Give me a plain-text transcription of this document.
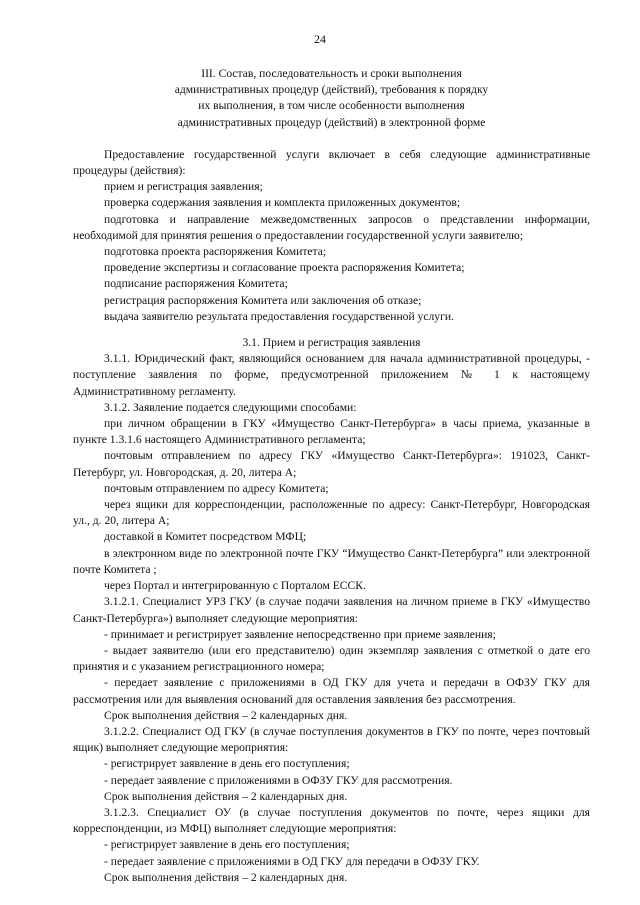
24
III. Состав, последовательность и сроки выполнения
административных процедур (действий), требования к порядку
их выполнения, в том числе особенности выполнения
административных процедур (действий) в электронной форме

Предоставление государственной услуги включает в себя следующие административные процедуры (действия):

прием и регистрация заявления;

проверка содержания заявления и комплекта приложенных документов;

подготовка и направление межведомственных запросов о представлении информации, необходимой для принятия решения о предоставлении государственной услуги заявителю;

подготовка проекта распоряжения Комитета;

проведение экспертизы и согласование проекта распоряжения Комитета;

подписание распоряжения Комитета;

регистрация распоряжения Комитета или заключения об отказе;

выдача заявителю результата предоставления государственной услуги.

3.1. Прием и регистрация заявления

3.1.1. Юридический факт, являющийся основанием для начала административной процедуры, - поступление заявления по форме, предусмотренной приложением № 1 к настоящему Административному регламенту.

3.1.2. Заявление подается следующими способами:

при личном обращении в ГКУ «Имущество Санкт-Петербурга» в часы приема, указанные в пункте 1.3.1.6 настоящего Административного регламента;

почтовым отправлением по адресу ГКУ «Имущество Санкт-Петербурга»: 191023, Санкт-Петербург, ул. Новгородская, д. 20, литера А;

почтовым отправлением по адресу Комитета;

через ящики для корреспонденции, расположенные по адресу: Санкт-Петербург, Новгородская ул., д. 20, литера А;

доставкой в Комитет посредством МФЦ;

в электронном виде по электронной почте ГКУ “Имущество Санкт-Петербурга” или электронной почте Комитета ;

через Портал и интегрированную с Порталом ЕССК.

3.1.2.1. Специалист УРЗ ГКУ (в случае подачи заявления на личном приеме в ГКУ «Имущество Санкт-Петербурга») выполняет следующие мероприятия:

- принимает и регистрирует заявление непосредственно при приеме заявления;

- выдает заявителю (или его представителю) один экземпляр заявления с отметкой о дате его принятия и с указанием регистрационного номера;

- передает заявление с приложениями в ОД ГКУ для учета и передачи в ОФЗУ ГКУ для рассмотрения или для выявления оснований для оставления заявления без рассмотрения.

Срок выполнения действия – 2 календарных дня.

3.1.2.2. Специалист ОД ГКУ (в случае поступления документов в ГКУ по почте, через почтовый ящик) выполняет следующие мероприятия:

- регистрирует заявление в день его поступления;

- передает заявление с приложениями в ОФЗУ ГКУ для рассмотрения.

Срок выполнения действия – 2 календарных дня.

3.1.2.3. Специалист ОУ (в случае поступления документов по почте, через ящики для корреспонденции, из МФЦ) выполняет следующие мероприятия:

- регистрирует заявление в день его поступления;

- передает заявление с приложениями в ОД ГКУ для передачи в ОФЗУ ГКУ.

Срок выполнения действия – 2 календарных дня.
